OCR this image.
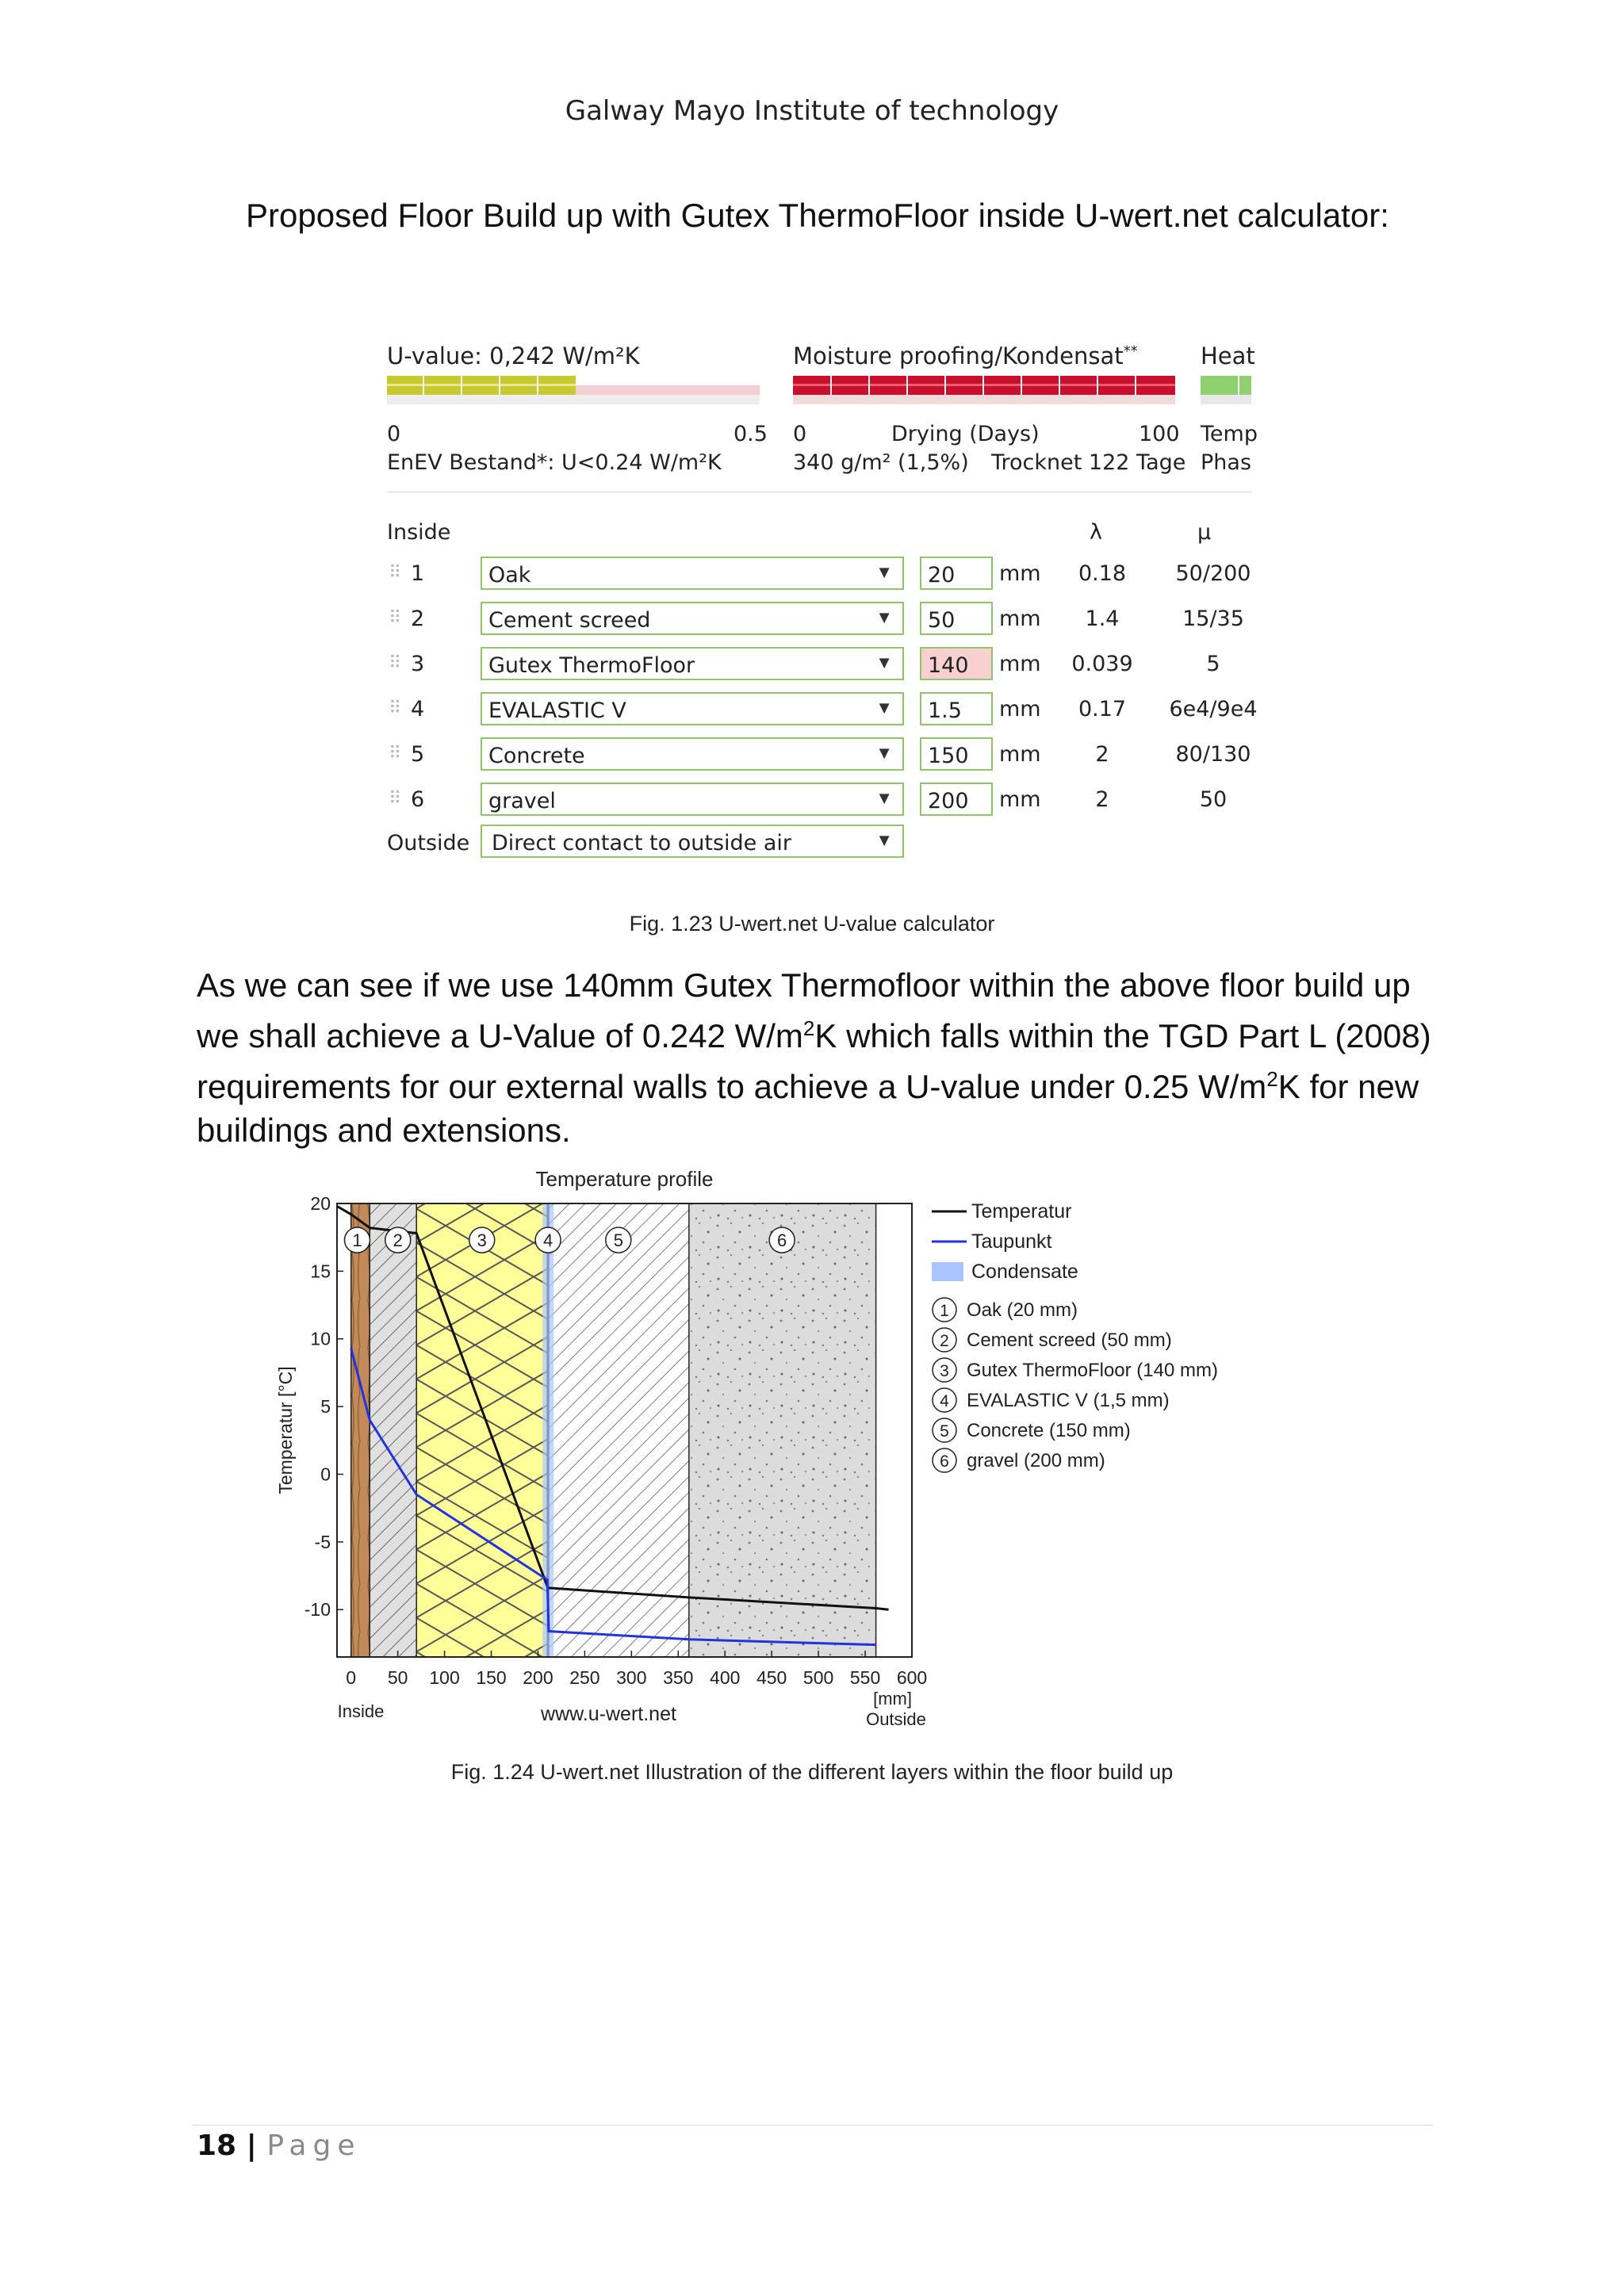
Galway Mayo Institute of technology
Proposed Floor Build up with Gutex ThermoFloor inside U-wert.net calculator:
U-value: 0,242 W/m²K
0	0.5
EnEV Bestand*: U<0.24 W/m²K
Moisture proofing/Kondensat**
0	Drying (Days)	100
340 g/m² (1,5%) Trocknet 122 Tage
Heat
Temp
Phas
Inside	λ	μ
⠿ 1	Oak	▼ 20 mm	0.18	50/200
⠿ 2	Cement screed	▼ 50 mm	1.4	15/35
⠿ 3	Gutex ThermoFloor	▼ 140 mm 0.039	5
⠿ 4	EVALASTIC V	▼ 1.5 mm	0.17	6e4/9e4
⠿ 5	Concrete	▼ 150 mm	2	80/130
⠿ 6	gravel	▼ 200 mm	2	50
Outside Direct contact to outside air	▼
Fig. 1.23 U-wert.net U-value calculator
As we can see if we use 140mm Gutex Thermofloor within the above floor build up we shall achieve a U-Value of 0.242 $W/m^2K$ which falls within the TGD Part L (2008) requirements for our external walls to achieve a U-value under 0.25 $W/m^2K$ for new buildings and extensions.
0 50 100 150 200 250 300 350 400 450 500 550 600
20
15
10
5
0
-5
-10
1 2	3	4	5	6
Temperature profile
Temperatur [°C]
[mm]
Inside	Outside
www.u-wert.net
Temperatur
Taupunkt
Condensate
1 Oak (20 mm)
2 Cement screed (50 mm)
3 Gutex ThermoFloor (140 mm)
4 EVALASTIC V (1,5 mm)
5 Concrete (150 mm)
6 gravel (200 mm)
Fig. 1.24 U-wert.net Illustration of the different layers within the floor build up
18 | Page
